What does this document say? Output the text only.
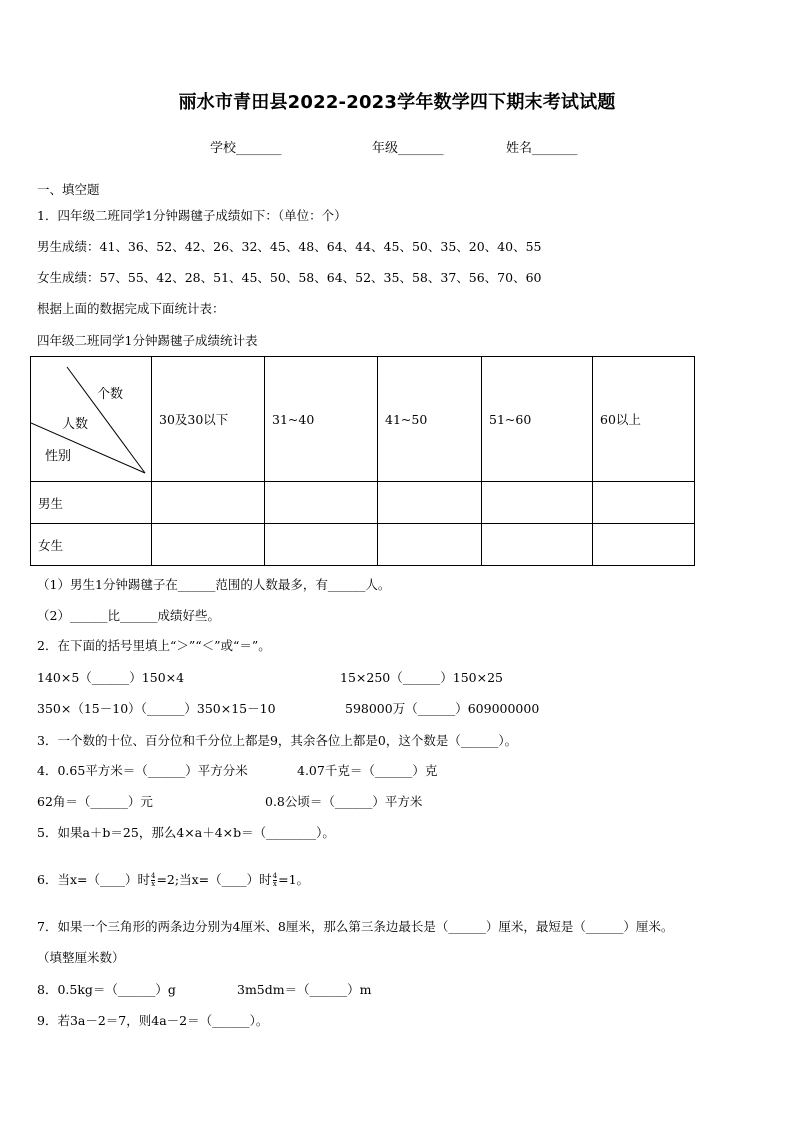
丽水市青田县2022-2023学年数学四下期末考试试题
学校_______	年级_______	姓名_______
一、填空题
1．四年级二班同学1分钟踢毽子成绩如下：（单位：个）
男生成绩：41、36、52、42、26、32、45、48、64、44、45、50、35、20、40、55
女生成绩：57、55、42、28、51、45、50、58、64、52、35、58、37、56、70、60
根据上面的数据完成下面统计表：
四年级二班同学1分钟踢毽子成绩统计表
个数
人数
性别	30及30以下	31~40	41~50	51~60	60以上
男生					
女生					
（1）男生1分钟踢毽子在______范围的人数最多，有______人。
（2）______比______成绩好些。
2．在下面的括号里填上“＞”“＜”或“＝”。
140×5（______）150×4	15×250（______）150×25
350×（15－10）（______）350×15－10	598000万（______）609000000
3．一个数的十位、百分位和千分位上都是9，其余各位上都是0，这个数是（______）。
4．0.65平方米＝（______）平方分米	4.07千克＝（______）克
62角＝（______）元	0.8公顷＝（______）平方米
5．如果a＋b＝25，那么4×a＋4×b＝（________）。
6．当x=（____）时$\frac{4}{x} =2$;当x=（____）时$\frac{4}{x} =1$。
7．如果一个三角形的两条边分别为4厘米、8厘米，那么第三条边最长是（______）厘米，最短是（______）厘米。
（填整厘米数）
8．0.5kg＝（______）g	3m5dm＝（______）m
9．若3a－2＝7，则4a－2＝（______）。
